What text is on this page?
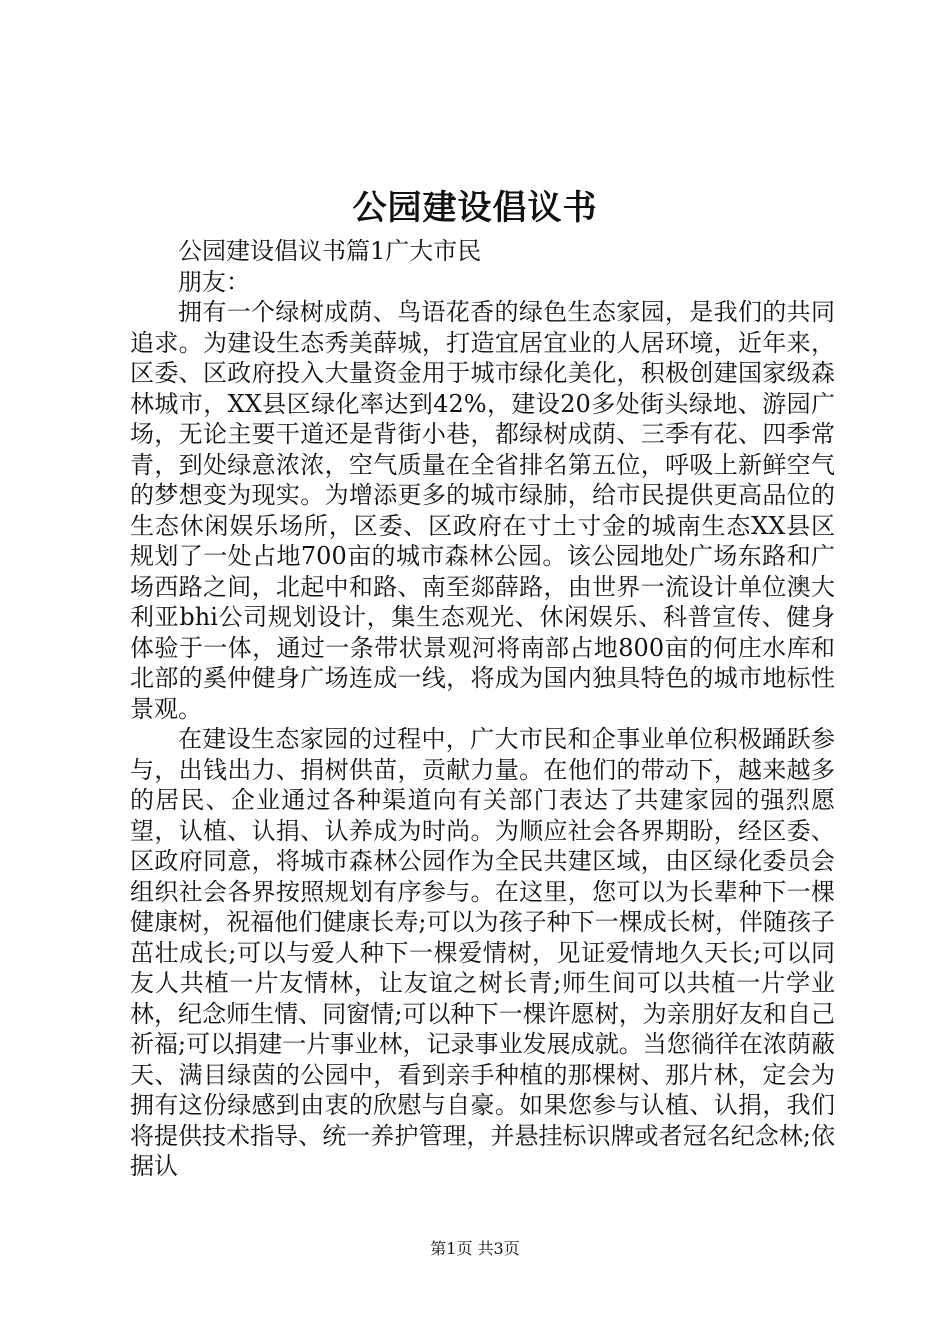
公园建设倡议书

公园建设倡议书篇1广大市民

朋友：

拥有一个绿树成荫、鸟语花香的绿色生态家园，是我们的共同追求。为建设生态秀美薛城，打造宜居宜业的人居环境，近年来，区委、区政府投入大量资金用于城市绿化美化，积极创建国家级森林城市，XX县区绿化率达到42%，建设20多处街头绿地、游园广场，无论主要干道还是背街小巷，都绿树成荫、三季有花、四季常青，到处绿意浓浓，空气质量在全省排名第五位，呼吸上新鲜空气的梦想变为现实。为增添更多的城市绿肺，给市民提供更高品位的生态休闲娱乐场所，区委、区政府在寸土寸金的城南生态XX县区规划了一处占地700亩的城市森林公园。该公园地处广场东路和广场西路之间，北起中和路、南至郯薛路，由世界一流设计单位澳大利亚bhi公司规划设计，集生态观光、休闲娱乐、科普宣传、健身体验于一体，通过一条带状景观河将南部占地800亩的何庄水库和北部的奚仲健身广场连成一线，将成为国内独具特色的城市地标性景观。

在建设生态家园的过程中，广大市民和企事业单位积极踊跃参与，出钱出力、捐树供苗，贡献力量。在他们的带动下，越来越多的居民、企业通过各种渠道向有关部门表达了共建家园的强烈愿望，认植、认捐、认养成为时尚。为顺应社会各界期盼，经区委、区政府同意，将城市森林公园作为全民共建区域，由区绿化委员会组织社会各界按照规划有序参与。在这里，您可以为长辈种下一棵健康树，祝福他们健康长寿;可以为孩子种下一棵成长树，伴随孩子茁壮成长;可以与爱人种下一棵爱情树，见证爱情地久天长;可以同友人共植一片友情林，让友谊之树长青;师生间可以共植一片学业林，纪念师生情、同窗情;可以种下一棵许愿树，为亲朋好友和自己祈福;可以捐建一片事业林，记录事业发展成就。当您徜徉在浓荫蔽天、满目绿茵的公园中，看到亲手种植的那棵树、那片林，定会为拥有这份绿感到由衷的欣慰与自豪。如果您参与认植、认捐，我们将提供技术指导、统一养护管理，并悬挂标识牌或者冠名纪念林;依据认

第1页 共3页
